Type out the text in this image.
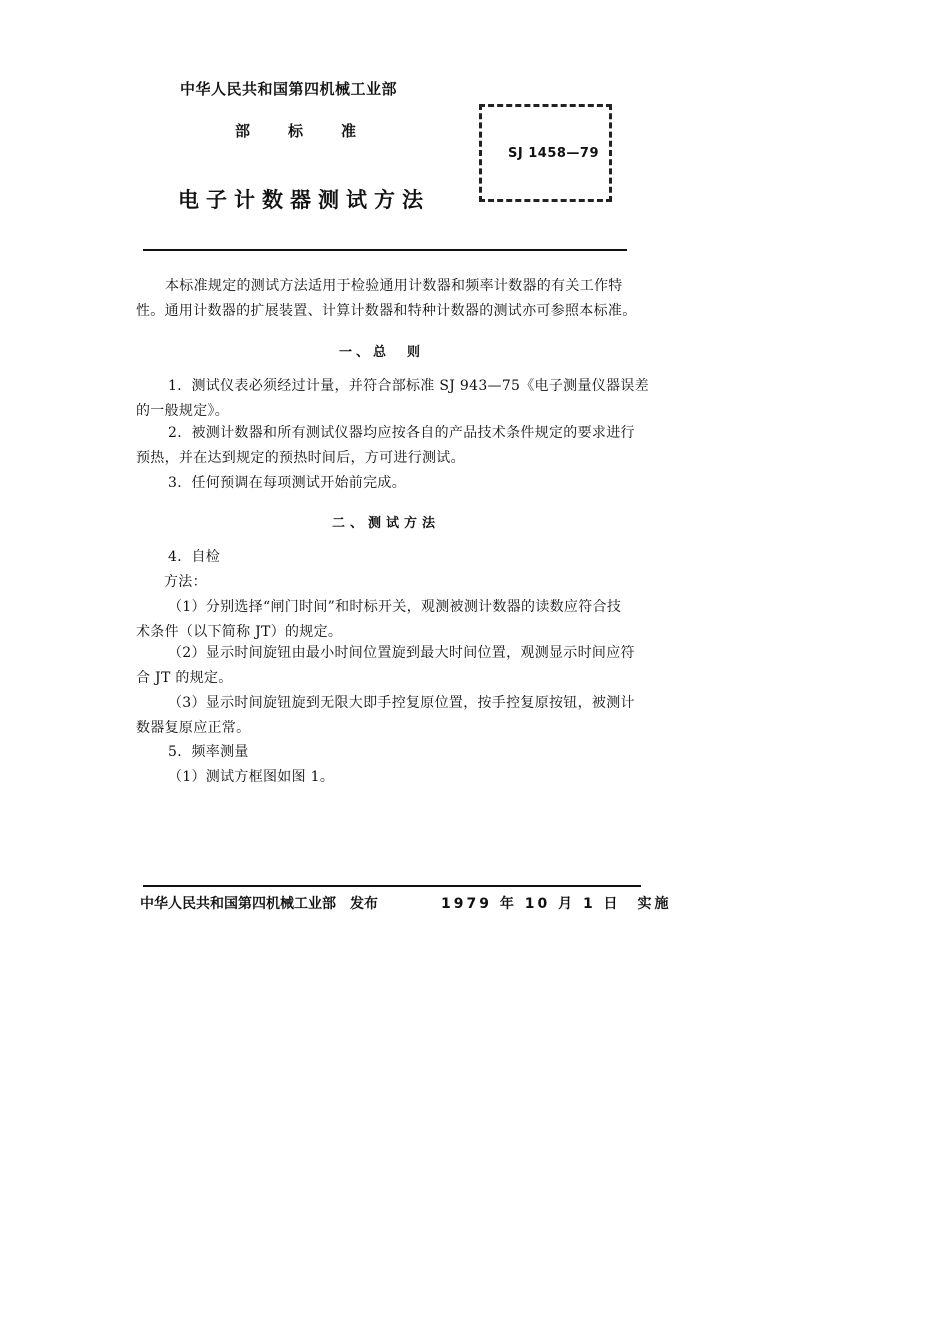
中华人民共和国第四机械工业部
部	标	准
电子计数器测试方法
SJ 1458—79
本标准规定的测试方法适用于检验通用计数器和频率计数器的有关工作特
性。通用计数器的扩展装置、计算计数器和特种计数器的测试亦可参照本标准。
一、总　则
1．测试仪表必须经过计量，并符合部标准 SJ 943—75《电子测量仪器误差
的一般规定》。
2．被测计数器和所有测试仪器均应按各自的产品技术条件规定的要求进行
预热，并在达到规定的预热时间后，方可进行测试。
3．任何预调在每项测试开始前完成。
二、测试方法
4．自检
方法：
（1）分别选择“闸门时间”和时标开关，观测被测计数器的读数应符合技
术条件（以下简称 JT）的规定。
（2）显示时间旋钮由最小时间位置旋到最大时间位置，观测显示时间应符
合 JT 的规定。
（3）显示时间旋钮旋到无限大即手控复原位置，按手控复原按钮，被测计
数器复原应正常。
5．频率测量
（1）测试方框图如图 1。
中华人民共和国第四机械工业部　发布	1979 年 10 月 1 日　实施
